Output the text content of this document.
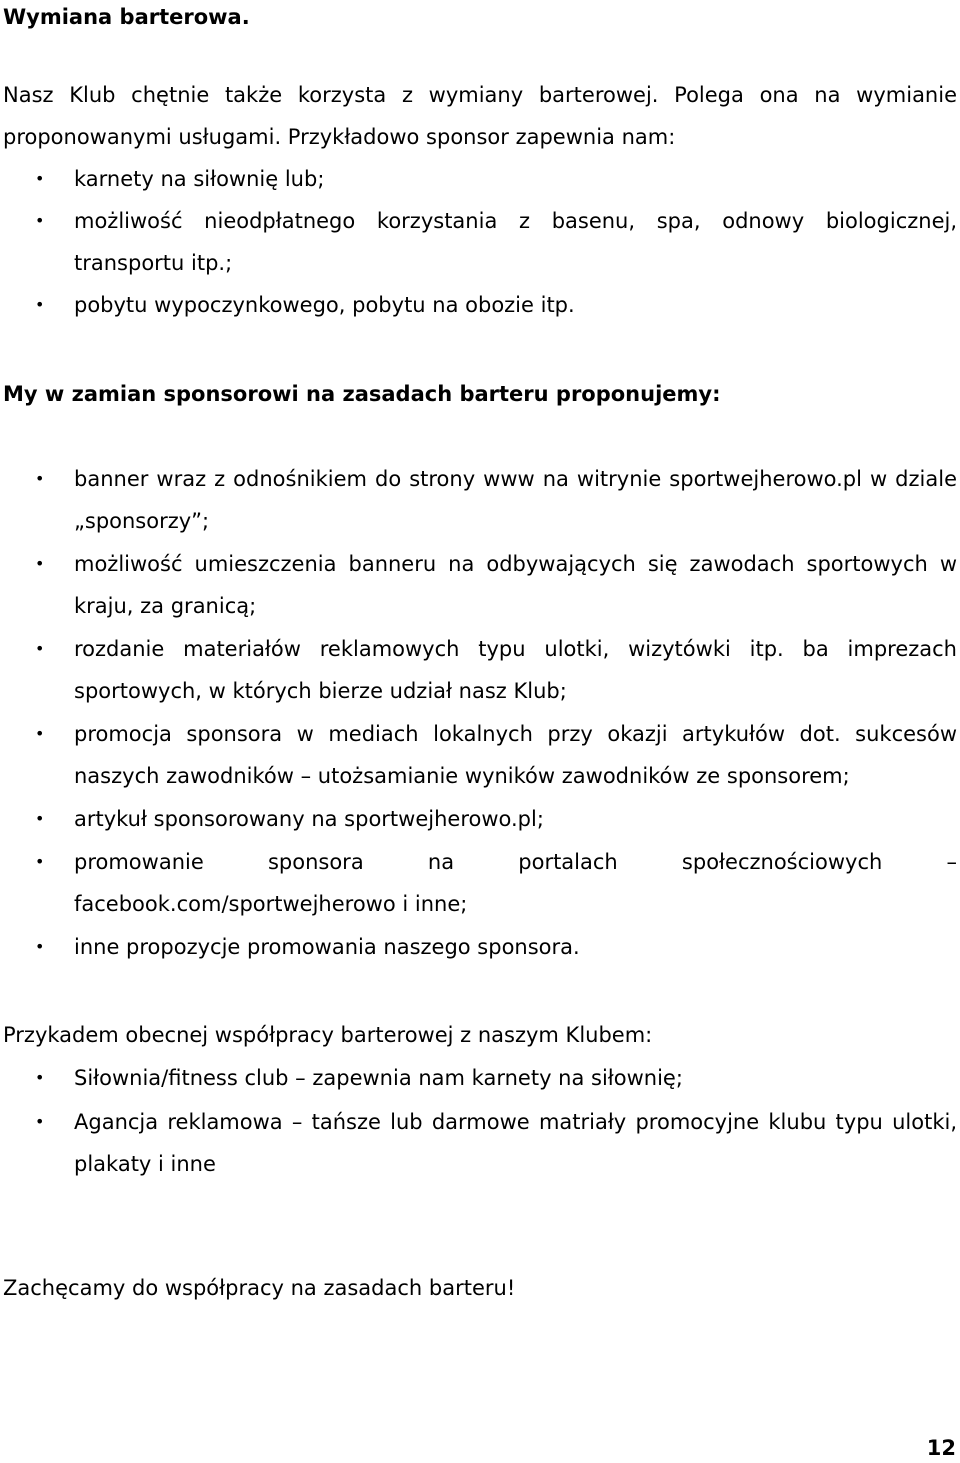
Wymiana barterowa.

Nasz Klub chętnie także korzysta z wymiany barterowej. Polega ona na wymianie proponowanymi usługami. Przykładowo sponsor zapewnia nam:

• karnety na siłownię lub;
• możliwość nieodpłatnego korzystania z basenu, spa, odnowy biologicznej, transportu itp.;
• pobytu wypoczynkowego, pobytu na obozie itp.
My w zamian sponsorowi na zasadach barteru proponujemy:
• banner wraz z odnośnikiem do strony www na witrynie sportwejherowo.pl w dziale „sponsorzy”;
• możliwość umieszczenia banneru na odbywających się zawodach sportowych w kraju, za granicą;
• rozdanie materiałów reklamowych typu ulotki, wizytówki itp. ba imprezach sportowych, w których bierze udział nasz Klub;
• promocja sponsora w mediach lokalnych przy okazji artykułów dot. sukcesów naszych zawodników – utożsamianie wyników zawodników ze sponsorem;
• artykuł sponsorowany na sportwejherowo.pl;
• promowanie sponsora na portalach społecznościowych – facebook.com/sportwejherowo i inne;
• inne propozycje promowania naszego sponsora.
Przykadem obecnej współpracy barterowej z naszym Klubem:
• Siłownia/fitness club – zapewnia nam karnety na siłownię;
• Agancja reklamowa – tańsze lub darmowe matriały promocyjne klubu typu ulotki, plakaty i inne
Zachęcamy do współpracy na zasadach barteru!
12
